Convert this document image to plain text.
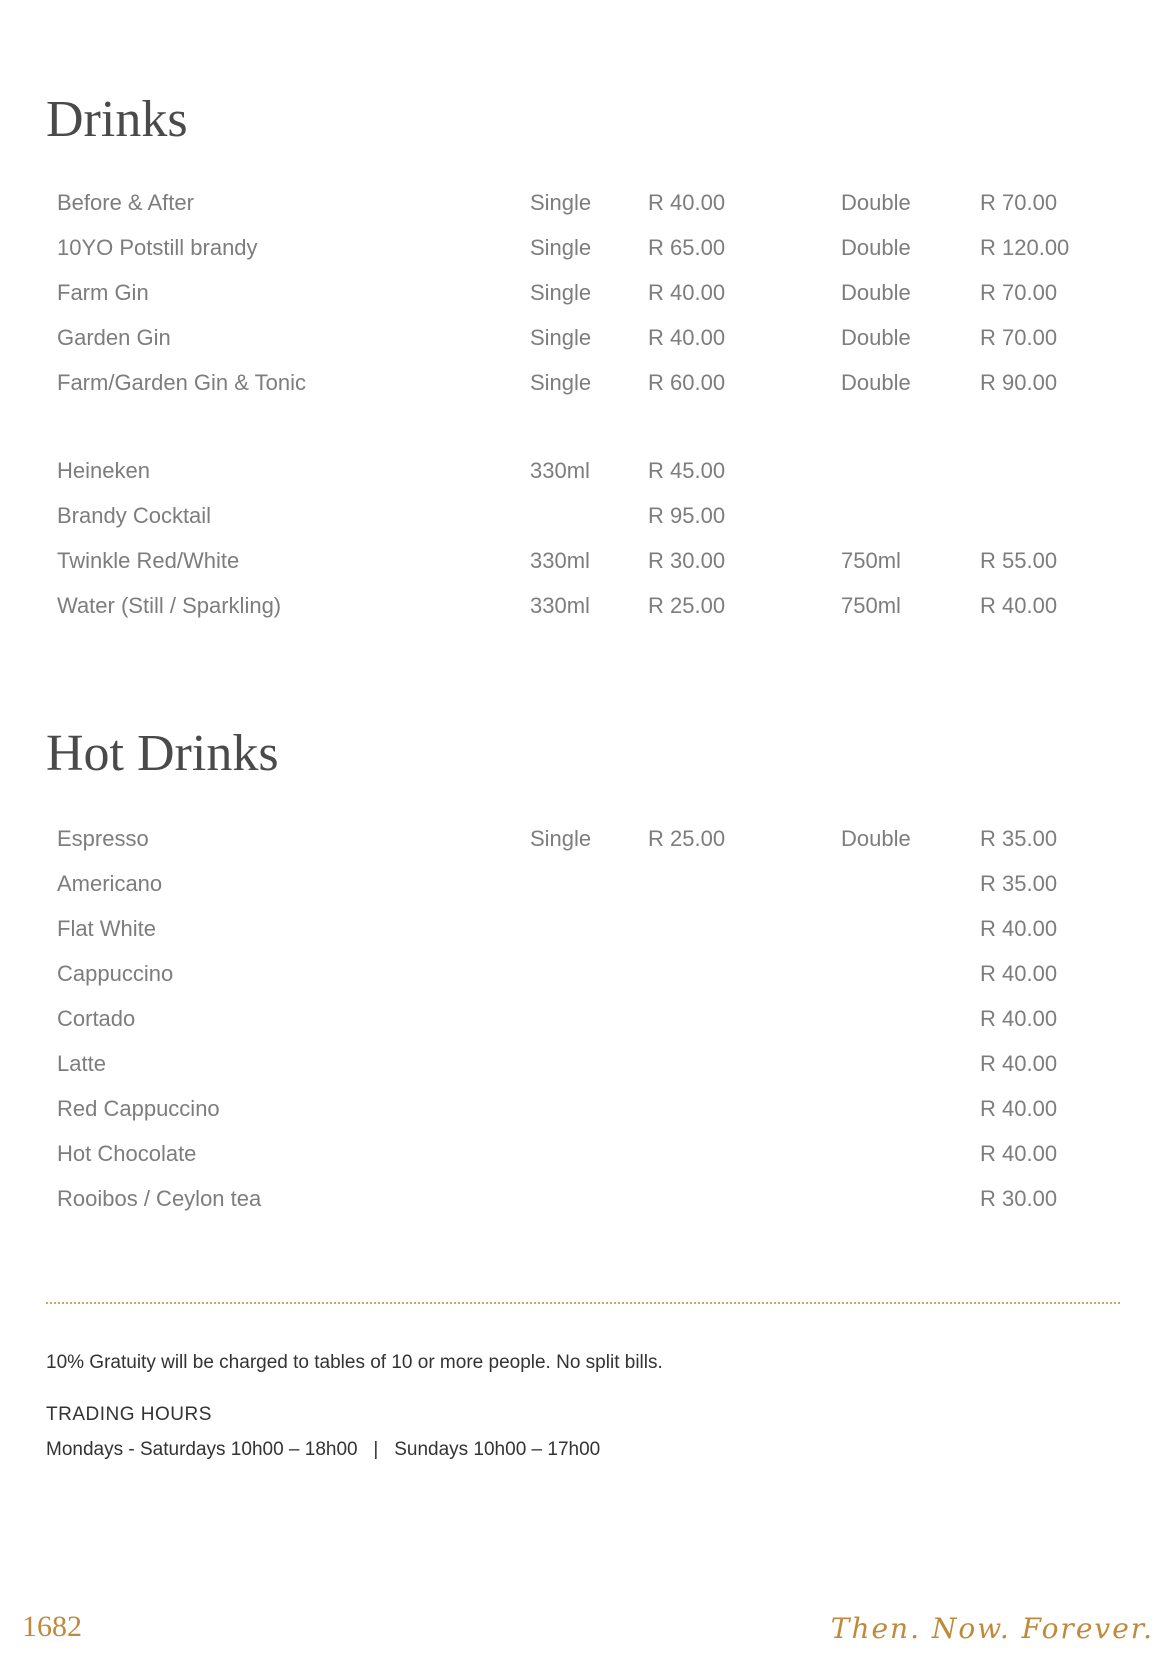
Drinks
Before & After	Single	R 40.00	Double	R 70.00
10YO Potstill brandy	Single	R 65.00	Double	R 120.00
Farm Gin	Single	R 40.00	Double	R 70.00
Garden Gin	Single	R 40.00	Double	R 70.00
Farm/Garden Gin & Tonic	Single	R 60.00	Double	R 90.00
Heineken	330ml	R 45.00
Brandy Cocktail	R 95.00
Twinkle Red/White	330ml	R 30.00	750ml	R 55.00
Water (Still / Sparkling)	330ml	R 25.00	750ml	R 40.00
Hot Drinks
Espresso	Single	R 25.00	Double	R 35.00
Americano	R 35.00
Flat White	R 40.00
Cappuccino	R 40.00
Cortado	R 40.00
Latte	R 40.00
Red Cappuccino	R 40.00
Hot Chocolate	R 40.00
Rooibos / Ceylon tea	R 30.00
10% Gratuity will be charged to tables of 10 or more people. No split bills.
TRADING HOURS
Mondays - Saturdays 10h00 – 18h00   |   Sundays 10h00 – 17h00
1682	Then. Now. Forever.
